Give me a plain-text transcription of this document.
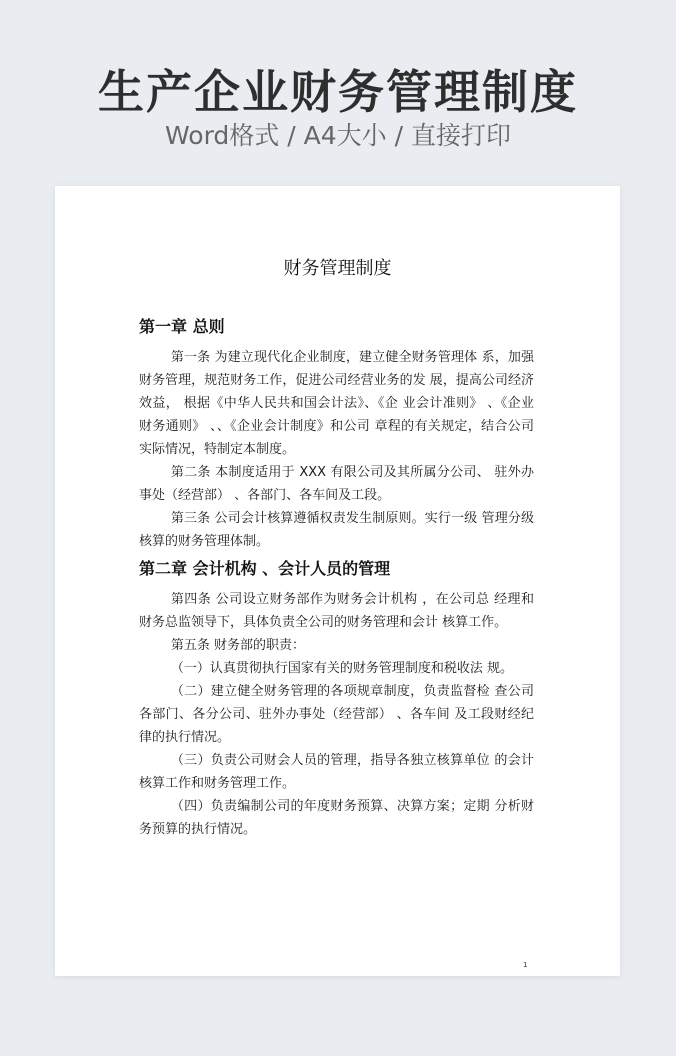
生产企业财务管理制度
Word格式 / A4大小 / 直接打印
财务管理制度
第一章 总则

第一条 为建立现代化企业制度，建立健全财务管理体 系，加强财务管理，规范财务工作，促进公司经营业务的发 展，提高公司经济效益， 根据《中华人民共和国会计法》、《企 业会计准则》 、《企业财务通则》 、、《企业会计制度》和公司 章程的有关规定，结合公司实际情况，特制定本制度。

第二条 本制度适用于 XXX 有限公司及其所属分公司、 驻外办事处（经营部） 、各部门、各车间及工段。

第三条 公司会计核算遵循权责发生制原则。实行一级 管理分级核算的财务管理体制。

第二章 会计机构 、会计人员的管理

第四条 公司设立财务部作为财务会计机构 ，在公司总 经理和财务总监领导下，具体负责全公司的财务管理和会计 核算工作。

第五条 财务部的职责：

（一）认真贯彻执行国家有关的财务管理制度和税收法 规。

（二）建立健全财务管理的各项规章制度，负责监督检 查公司各部门、各分公司、驻外办事处（经营部） 、各车间 及工段财经纪律的执行情况。

（三）负责公司财会人员的管理，指导各独立核算单位 的会计核算工作和财务管理工作。

（四）负责编制公司的年度财务预算、决算方案；定期 分析财务预算的执行情况。

1
